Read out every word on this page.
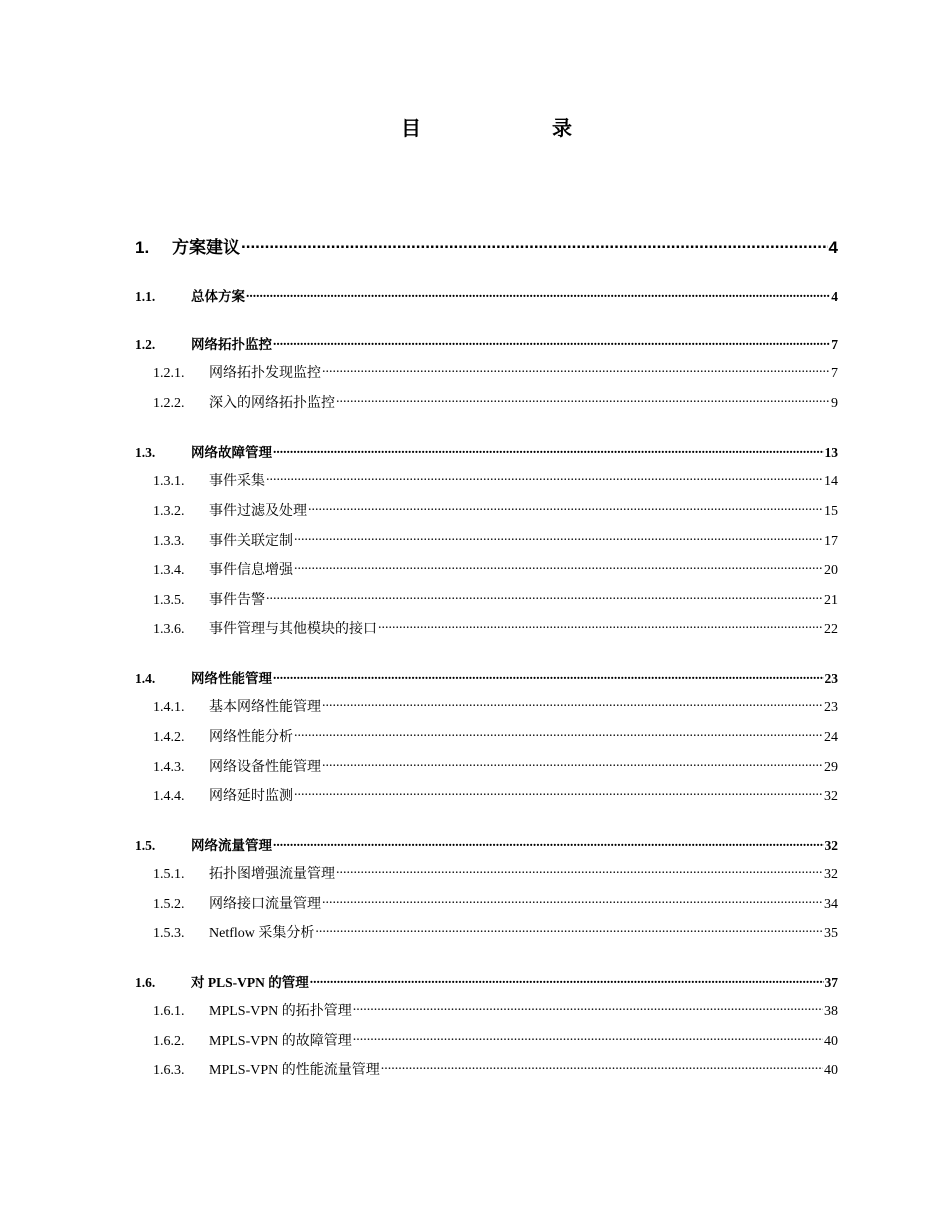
目	录
1.	方案建议 .....	4
1.1.	总体方案 .....	4
1.2.	网络拓扑监控 .....	7
1.2.1.	网络拓扑发现监控 .....	7
1.2.2.	深入的网络拓扑监控 .....	9
1.3.	网络故障管理 .....	13
1.3.1.	事件采集 .....	14
1.3.2.	事件过滤及处理 .....	15
1.3.3.	事件关联定制 .....	17
1.3.4.	事件信息增强 .....	20
1.3.5.	事件告警 .....	21
1.3.6.	事件管理与其他模块的接口 .....	22
1.4.	网络性能管理 .....	23
1.4.1.	基本网络性能管理 .....	23
1.4.2.	网络性能分析 .....	24
1.4.3.	网络设备性能管理 .....	29
1.4.4.	网络延时监测 .....	32
1.5.	网络流量管理 .....	32
1.5.1.	拓扑图增强流量管理 .....	32
1.5.2.	网络接口流量管理 .....	34
1.5.3.	Netflow 采集分析 .....	35
1.6.	对 PLS-VPN 的管理 .....	37
1.6.1.	MPLS-VPN 的拓扑管理 .....	38
1.6.2.	MPLS-VPN 的故障管理 .....	40
1.6.3.	MPLS-VPN 的性能流量管理 .....	40
